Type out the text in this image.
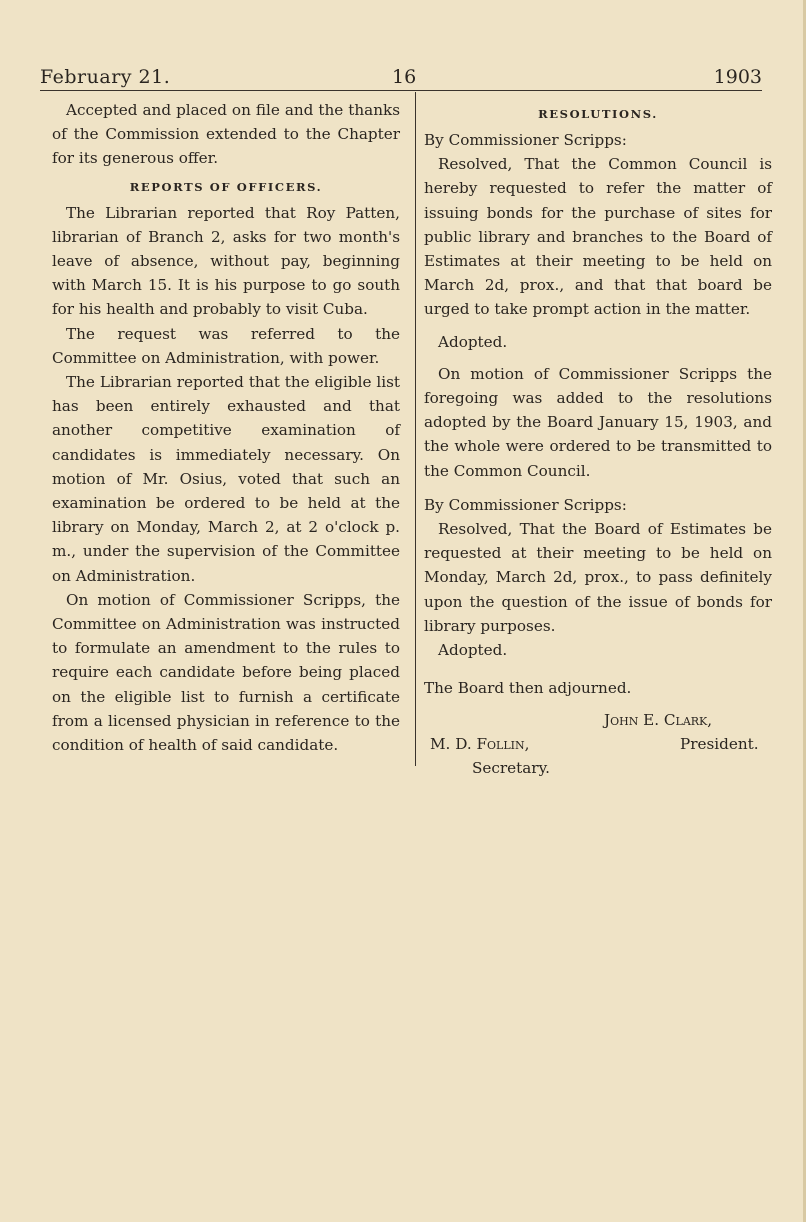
February 21.	16	1903

Accepted and placed on file and the thanks of the Commission extended to the Chapter for its generous offer.

REPORTS OF OFFICERS.

The Librarian reported that Roy Patten, librarian of Branch 2, asks for two month's leave of absence, without pay, beginning with March 15. It is his purpose to go south for his health and probably to visit Cuba.

The request was referred to the Committee on Administration, with power.

The Librarian reported that the eligible list has been entirely exhausted and that another competitive examination of candidates is immediately necessary. On motion of Mr. Osius, voted that such an examination be ordered to be held at the library on Monday, March 2, at 2 o'clock p. m., under the supervision of the Committee on Administration.

On motion of Commissioner Scripps, the Committee on Administration was instructed to formulate an amendment to the rules to require each candidate before being placed on the eligible list to furnish a certificate from a licensed physician in reference to the condition of health of said candidate.

RESOLUTIONS.

By Commissioner Scripps:

Resolved, That the Common Council is hereby requested to refer the matter of issuing bonds for the purchase of sites for public library and branches to the Board of Estimates at their meeting to be held on March 2d, prox., and that that board be urged to take prompt action in the matter.

Adopted.

On motion of Commissioner Scripps the foregoing was added to the resolutions adopted by the Board January 15, 1903, and the whole were ordered to be transmitted to the Common Council.

By Commissioner Scripps:

Resolved, That the Board of Estimates be requested at their meeting to be held on Monday, March 2d, prox., to pass definitely upon the question of the issue of bonds for library purposes.

Adopted.

The Board then adjourned.

John E. Clark,
M. D. Follin,	President.
Secretary.
